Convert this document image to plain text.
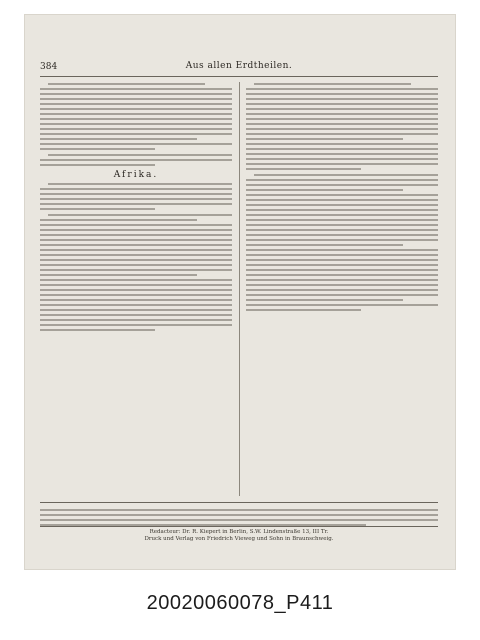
384	Aus allen Erdtheilen.
Afrika.
Redacteur: Dr. R. Kiepert in Berlin, S.W. Lindenstraße 13, III Tr.
Druck und Verlag von Friedrich Vieweg und Sohn in Braunschweig.
20020060078_P411
